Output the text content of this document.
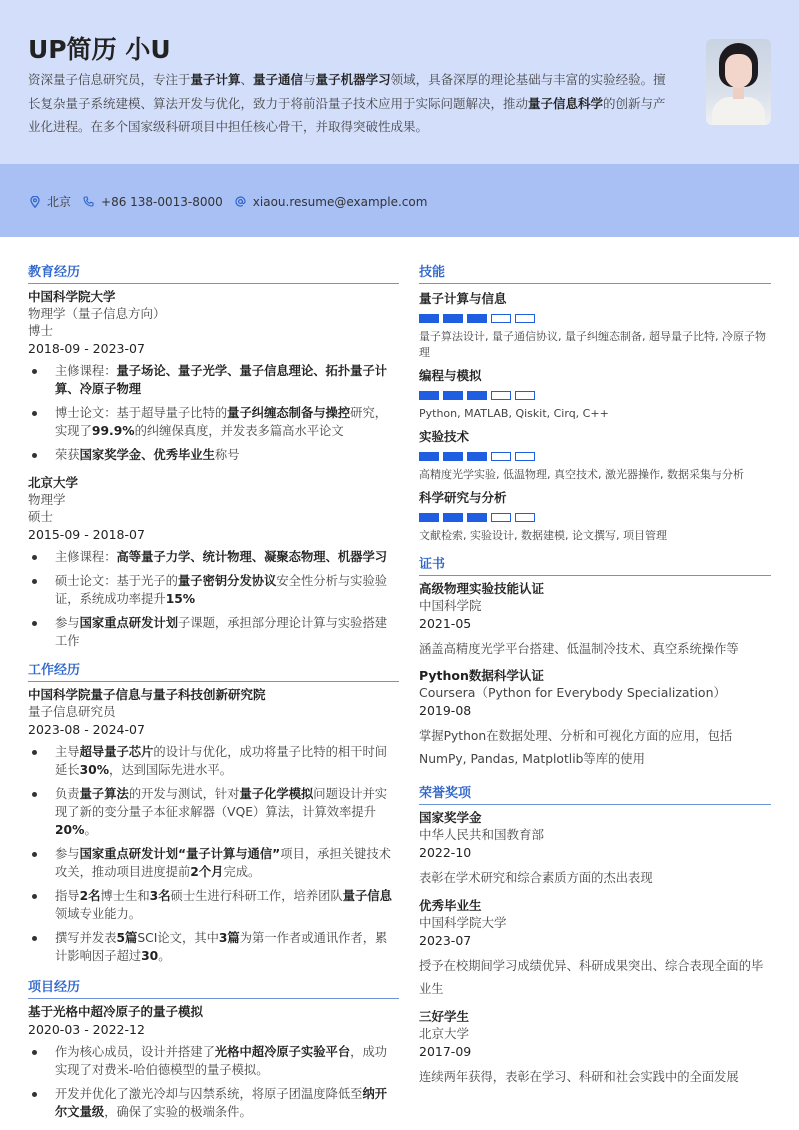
UP简历 小U
资深量子信息研究员，专注于量子计算、量子通信与量子机器学习领域，具备深厚的理论基础与丰富的实验经验。擅长复杂量子系统建模、算法开发与优化，致力于将前沿量子技术应用于实际问题解决，推动量子信息科学的创新与产业化进程。在多个国家级科研项目中担任核心骨干，并取得突破性成果。
北京	+86 138-0013-8000	xiaou.resume@example.com
教育经历
中国科学院大学
物理学（量子信息方向）
博士
2018-09 - 2023-07
主修课程：量子场论、量子光学、量子信息理论、拓扑量子计算、冷原子物理
博士论文：基于超导量子比特的量子纠缠态制备与操控研究，实现了99.9%的纠缠保真度，并发表多篇高水平论文
荣获国家奖学金、优秀毕业生称号
北京大学
物理学
硕士
2015-09 - 2018-07
主修课程：高等量子力学、统计物理、凝聚态物理、机器学习
硕士论文：基于光子的量子密钥分发协议安全性分析与实验验证，系统成功率提升15%
参与国家重点研发计划子课题，承担部分理论计算与实验搭建工作
工作经历
中国科学院量子信息与量子科技创新研究院
量子信息研究员
2023-08 - 2024-07
主导超导量子芯片的设计与优化，成功将量子比特的相干时间延长30%，达到国际先进水平。
负责量子算法的开发与测试，针对量子化学模拟问题设计并实现了新的变分量子本征求解器（VQE）算法，计算效率提升20%。
参与国家重点研发计划“量子计算与通信”项目，承担关键技术攻关，推动项目进度提前2个月完成。
指导2名博士生和3名硕士生进行科研工作，培养团队量子信息领域专业能力。
撰写并发表5篇SCI论文，其中3篇为第一作者或通讯作者，累计影响因子超过30。
项目经历
基于光格中超冷原子的量子模拟
2020-03 - 2022-12
作为核心成员，设计并搭建了光格中超冷原子实验平台，成功实现了对费米-哈伯德模型的量子模拟。
开发并优化了激光冷却与囚禁系统，将原子团温度降低至纳开尔文量级，确保了实验的极端条件。
技能
量子计算与信息
量子算法设计, 量子通信协议, 量子纠缠态制备, 超导量子比特, 冷原子物理
编程与模拟
Python, MATLAB, Qiskit, Cirq, C++
实验技术
高精度光学实验, 低温物理, 真空技术, 激光器操作, 数据采集与分析
科学研究与分析
文献检索, 实验设计, 数据建模, 论文撰写, 项目管理
证书
高级物理实验技能认证
中国科学院
2021-05
涵盖高精度光学平台搭建、低温制冷技术、真空系统操作等
Python数据科学认证
Coursera（Python for Everybody Specialization）
2019-08
掌握Python在数据处理、分析和可视化方面的应用，包括NumPy, Pandas, Matplotlib等库的使用
荣誉奖项
国家奖学金
中华人民共和国教育部
2022-10
表彰在学术研究和综合素质方面的杰出表现
优秀毕业生
中国科学院大学
2023-07
授予在校期间学习成绩优异、科研成果突出、综合表现全面的毕业生
三好学生
北京大学
2017-09
连续两年获得，表彰在学习、科研和社会实践中的全面发展
